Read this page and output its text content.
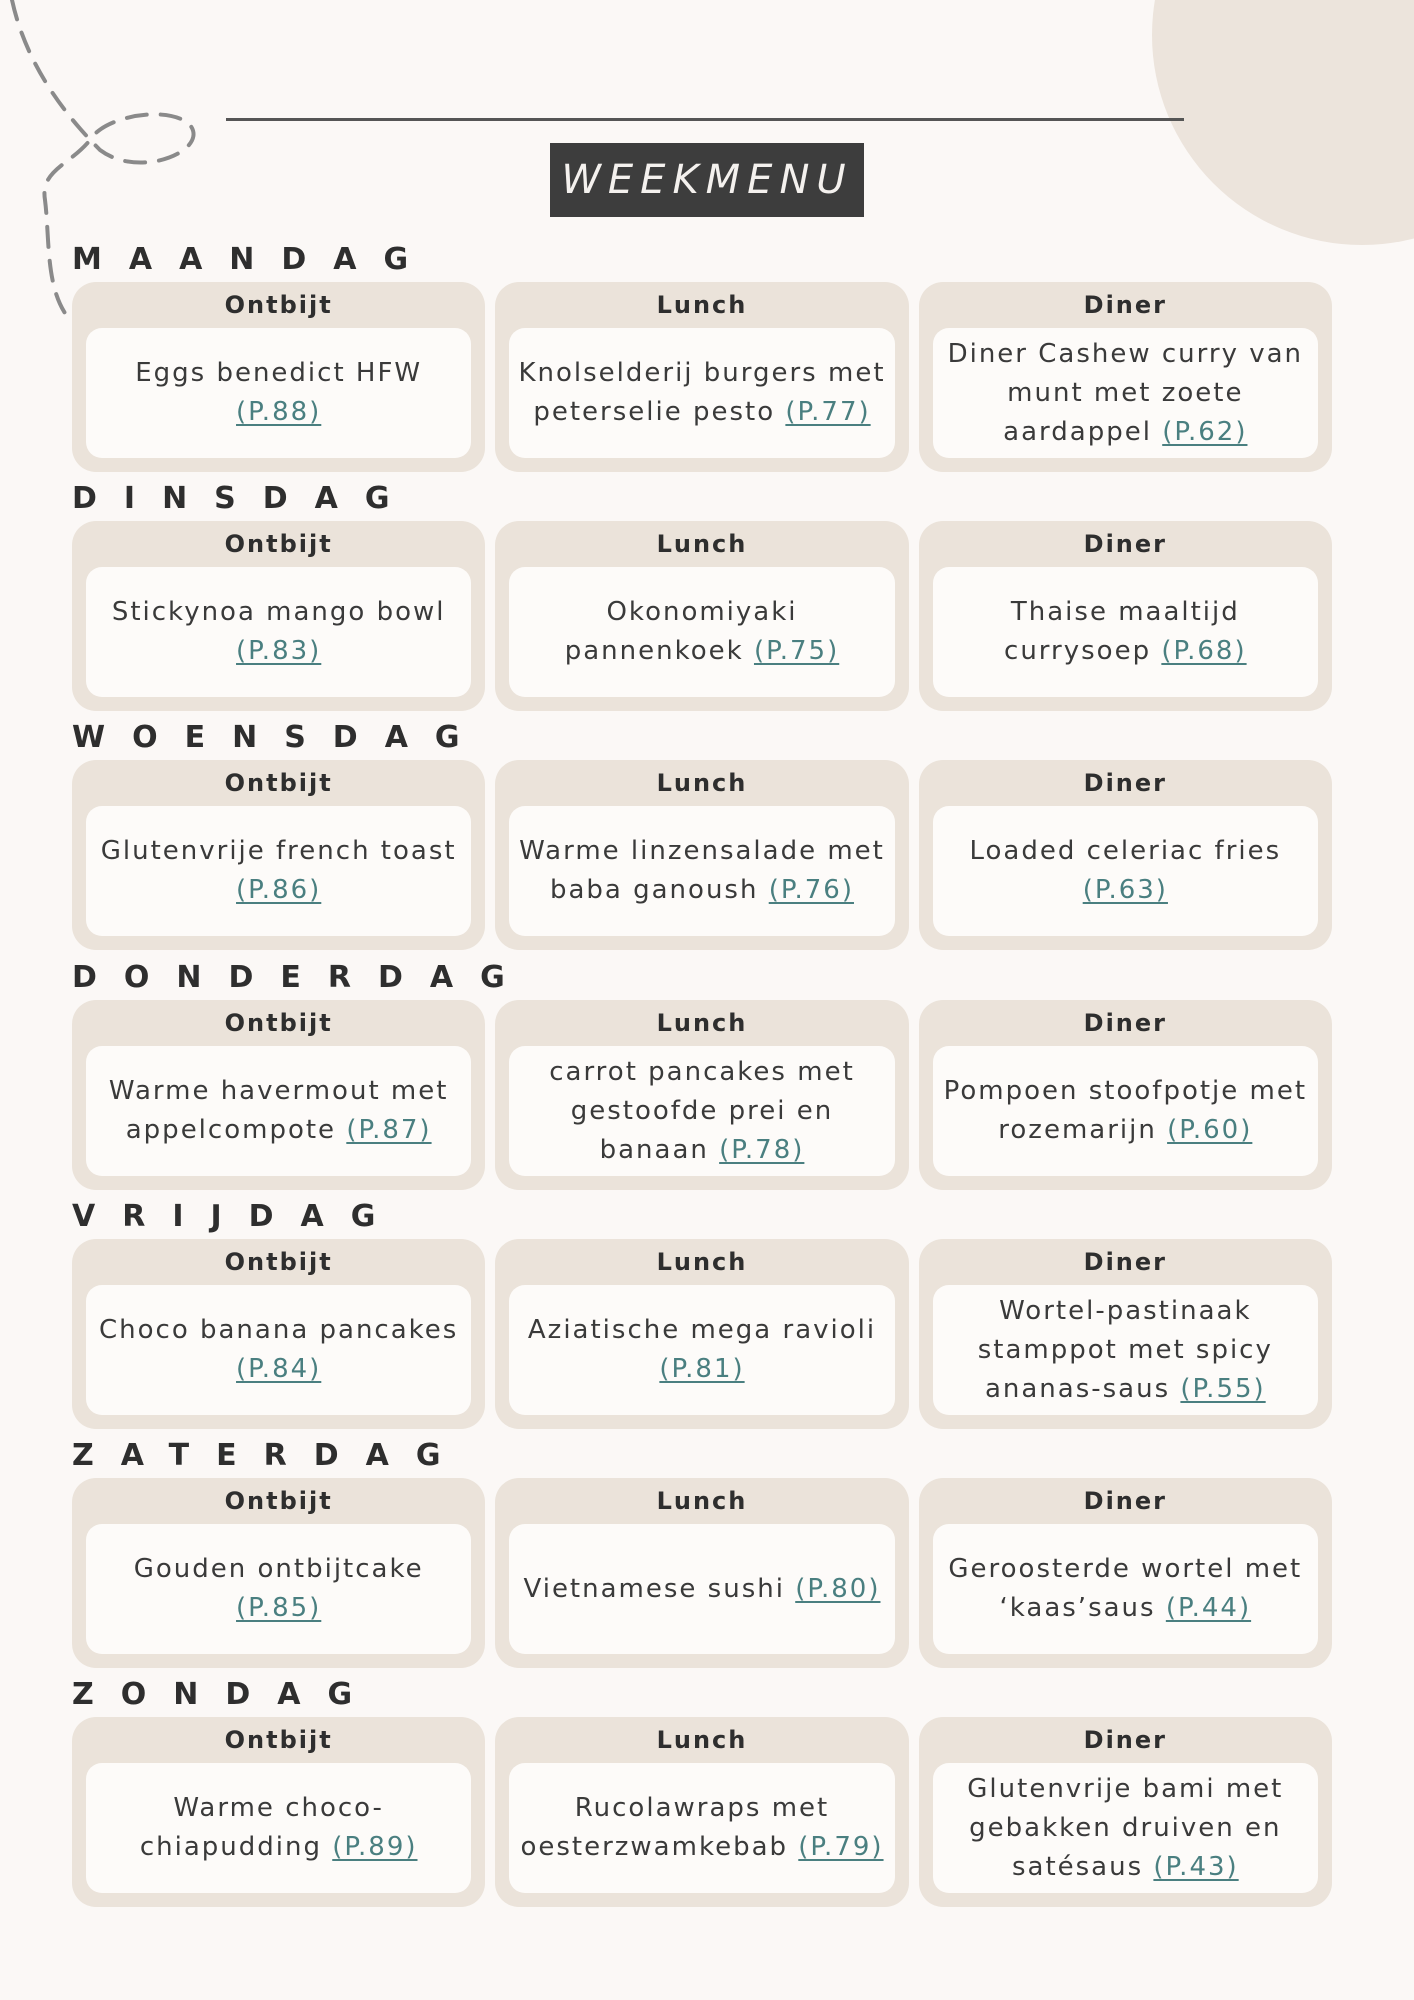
WEEKMENU
MAANDAG
Ontbijt
Eggs benedict HFW (P.88)
Lunch
Knolselderij burgers met peterselie pesto (P.77)
Diner
Diner Cashew curry van munt met zoete aardappel (P.62)
DINSDAG
Ontbijt
Stickynoa mango bowl (P.83)
Lunch
Okonomiyaki pannenkoek (P.75)
Diner
Thaise maaltijd currysoep (P.68)
WOENSDAG
Ontbijt
Glutenvrije french toast (P.86)
Lunch
Warme linzensalade met baba ganoush (P.76)
Diner
Loaded celeriac fries (P.63)
DONDERDAG
Ontbijt
Warme havermout met appelcompote (P.87)
Lunch
carrot pancakes met gestoofde prei en banaan (P.78)
Diner
Pompoen stoofpotje met rozemarijn (P.60)
VRIJDAG
Ontbijt
Choco banana pancakes (P.84)
Lunch
Aziatische mega ravioli (P.81)
Diner
Wortel-pastinaak stamppot met spicy ananas-saus (P.55)
ZATERDAG
Ontbijt
Gouden ontbijtcake (P.85)
Lunch
Vietnamese sushi (P.80)
Diner
Geroosterde wortel met ‘kaas’saus (P.44)
ZONDAG
Ontbijt
Warme choco-chiapudding (P.89)
Lunch
Rucolawraps met oesterzwamkebab (P.79)
Diner
Glutenvrije bami met gebakken druiven en satésaus (P.43)
